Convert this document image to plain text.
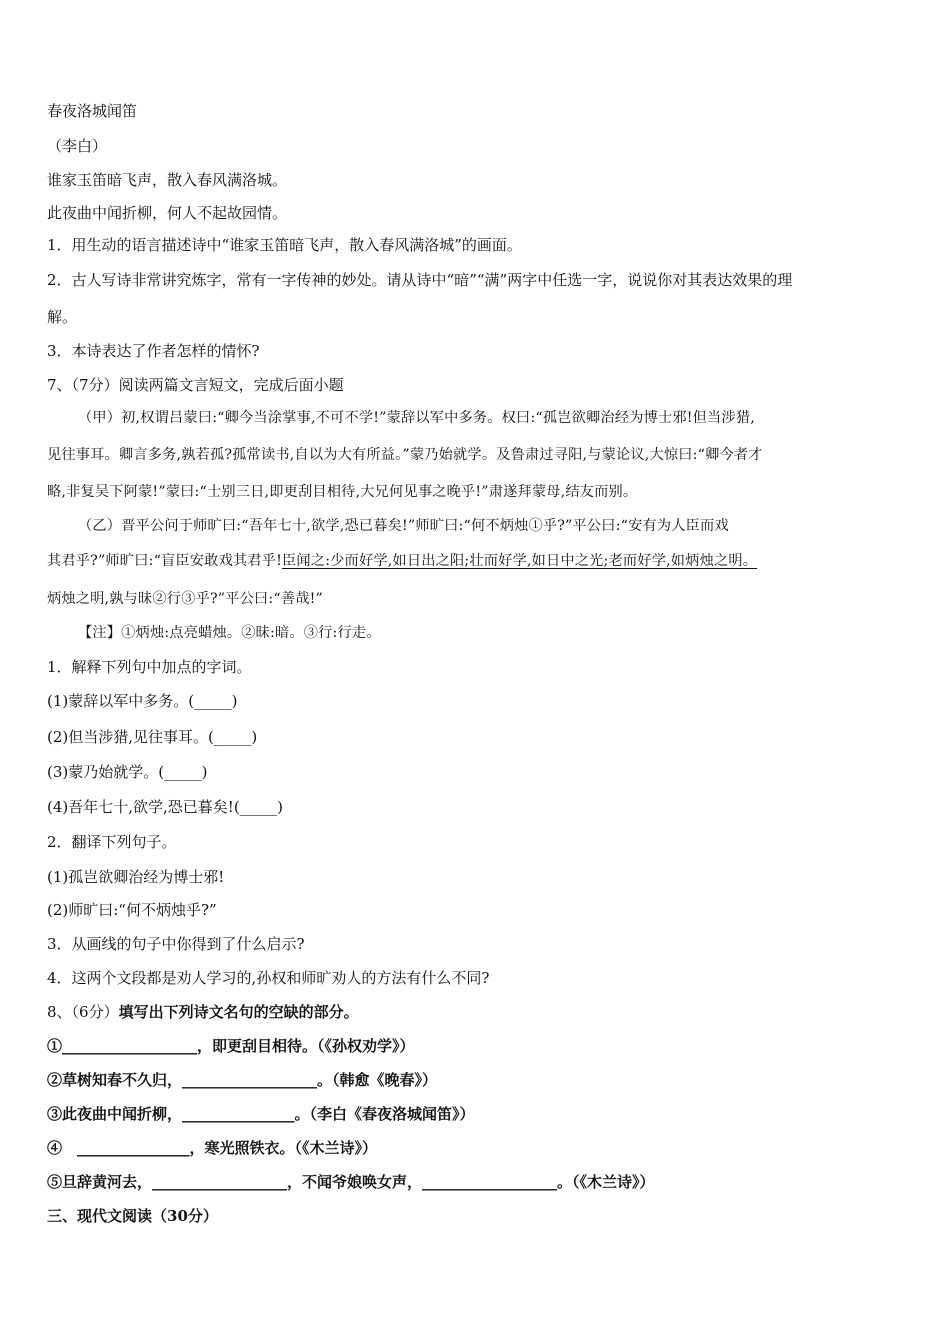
春夜洛城闻笛
（李白）
谁家玉笛暗飞声，散入春风满洛城。
此夜曲中闻折柳，何人不起故园情。
1．用生动的语言描述诗中“谁家玉笛暗飞声，散入春风满洛城”的画面。
2．古人写诗非常讲究炼字，常有一字传神的妙处。请从诗中“暗”“满”两字中任选一字，说说你对其表达效果的理
解。
3．本诗表达了作者怎样的情怀?
7、（7分）阅读两篇文言短文，完成后面小题
（甲）初,权谓吕蒙曰:“卿今当涂掌事,不可不学!”蒙辞以军中多务。权曰:“孤岂欲卿治经为博士邪!但当涉猎,
见往事耳。卿言多务,孰若孤?孤常读书,自以为大有所益。”蒙乃始就学。及鲁肃过寻阳,与蒙论议,大惊曰:“卿今者才
略,非复吴下阿蒙!”蒙曰:“士别三日,即更刮目相待,大兄何见事之晚乎!”肃遂拜蒙母,结友而别。
（乙）晋平公问于师旷曰:“吾年七十,欲学,恐已暮矣!”师旷曰:“何不炳烛①乎?”平公曰:“安有为人臣而戏
其君乎?”师旷曰:“盲臣安敢戏其君乎!臣闻之:少而好学,如日出之阳;壮而好学,如日中之光;老而好学,如炳烛之明。
炳烛之明,孰与昧②行③乎?”平公曰:“善哉!”
【注】①炳烛:点亮蜡烛。②昧:暗。③行:行走。
1．解释下列句中加点的字词。
(1)蒙辞以军中多务。(_____)
(2)但当涉猎,见往事耳。(_____)
(3)蒙乃始就学。(_____)
(4)吾年七十,欲学,恐已暮矣!(_____)
2．翻译下列句子。
(1)孤岂欲卿治经为博士邪!
(2)师旷曰:“何不炳烛乎?”
3．从画线的句子中你得到了什么启示?
4．这两个文段都是劝人学习的,孙权和师旷劝人的方法有什么不同?
8、（6分）填写出下列诗文名句的空缺的部分。
①__________________，即更刮目相待。（《孙权劝学》）
②草树知春不久归，__________________。（韩愈《晚春》）
③此夜曲中闻折柳，_______________。（李白《春夜洛城闻笛》）
④　_______________，寒光照铁衣。（《木兰诗》）
⑤旦辞黄河去，__________________，不闻爷娘唤女声，__________________。（《木兰诗》）
三、现代文阅读（30分）
